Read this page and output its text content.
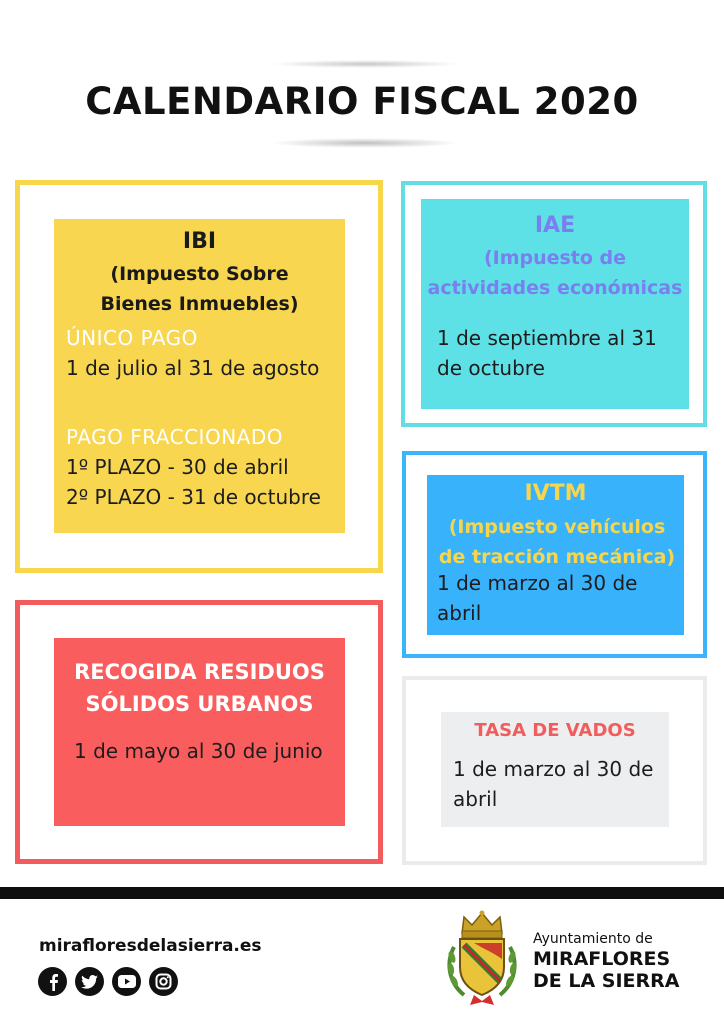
CALENDARIO FISCAL 2020
IBI
(Impuesto Sobre
Bienes Inmuebles)
ÚNICO PAGO
1 de julio al 31 de agosto
PAGO FRACCIONADO
1º PLAZO - 30 de abril
2º PLAZO - 31 de octubre
IAE
(Impuesto de
actividades económicas
1 de septiembre al 31 de octubre
IVTM
(Impuesto vehículos
de tracción mecánica)
1 de marzo al 30 de abril
RECOGIDA RESIDUOS
SÓLIDOS URBANOS
1 de mayo al 30 de junio
TASA DE VADOS
1 de marzo al 30 de abril
mirafloresdelasierra.es	Ayuntamiento de
MIRAFLORES
DE LA SIERRA
